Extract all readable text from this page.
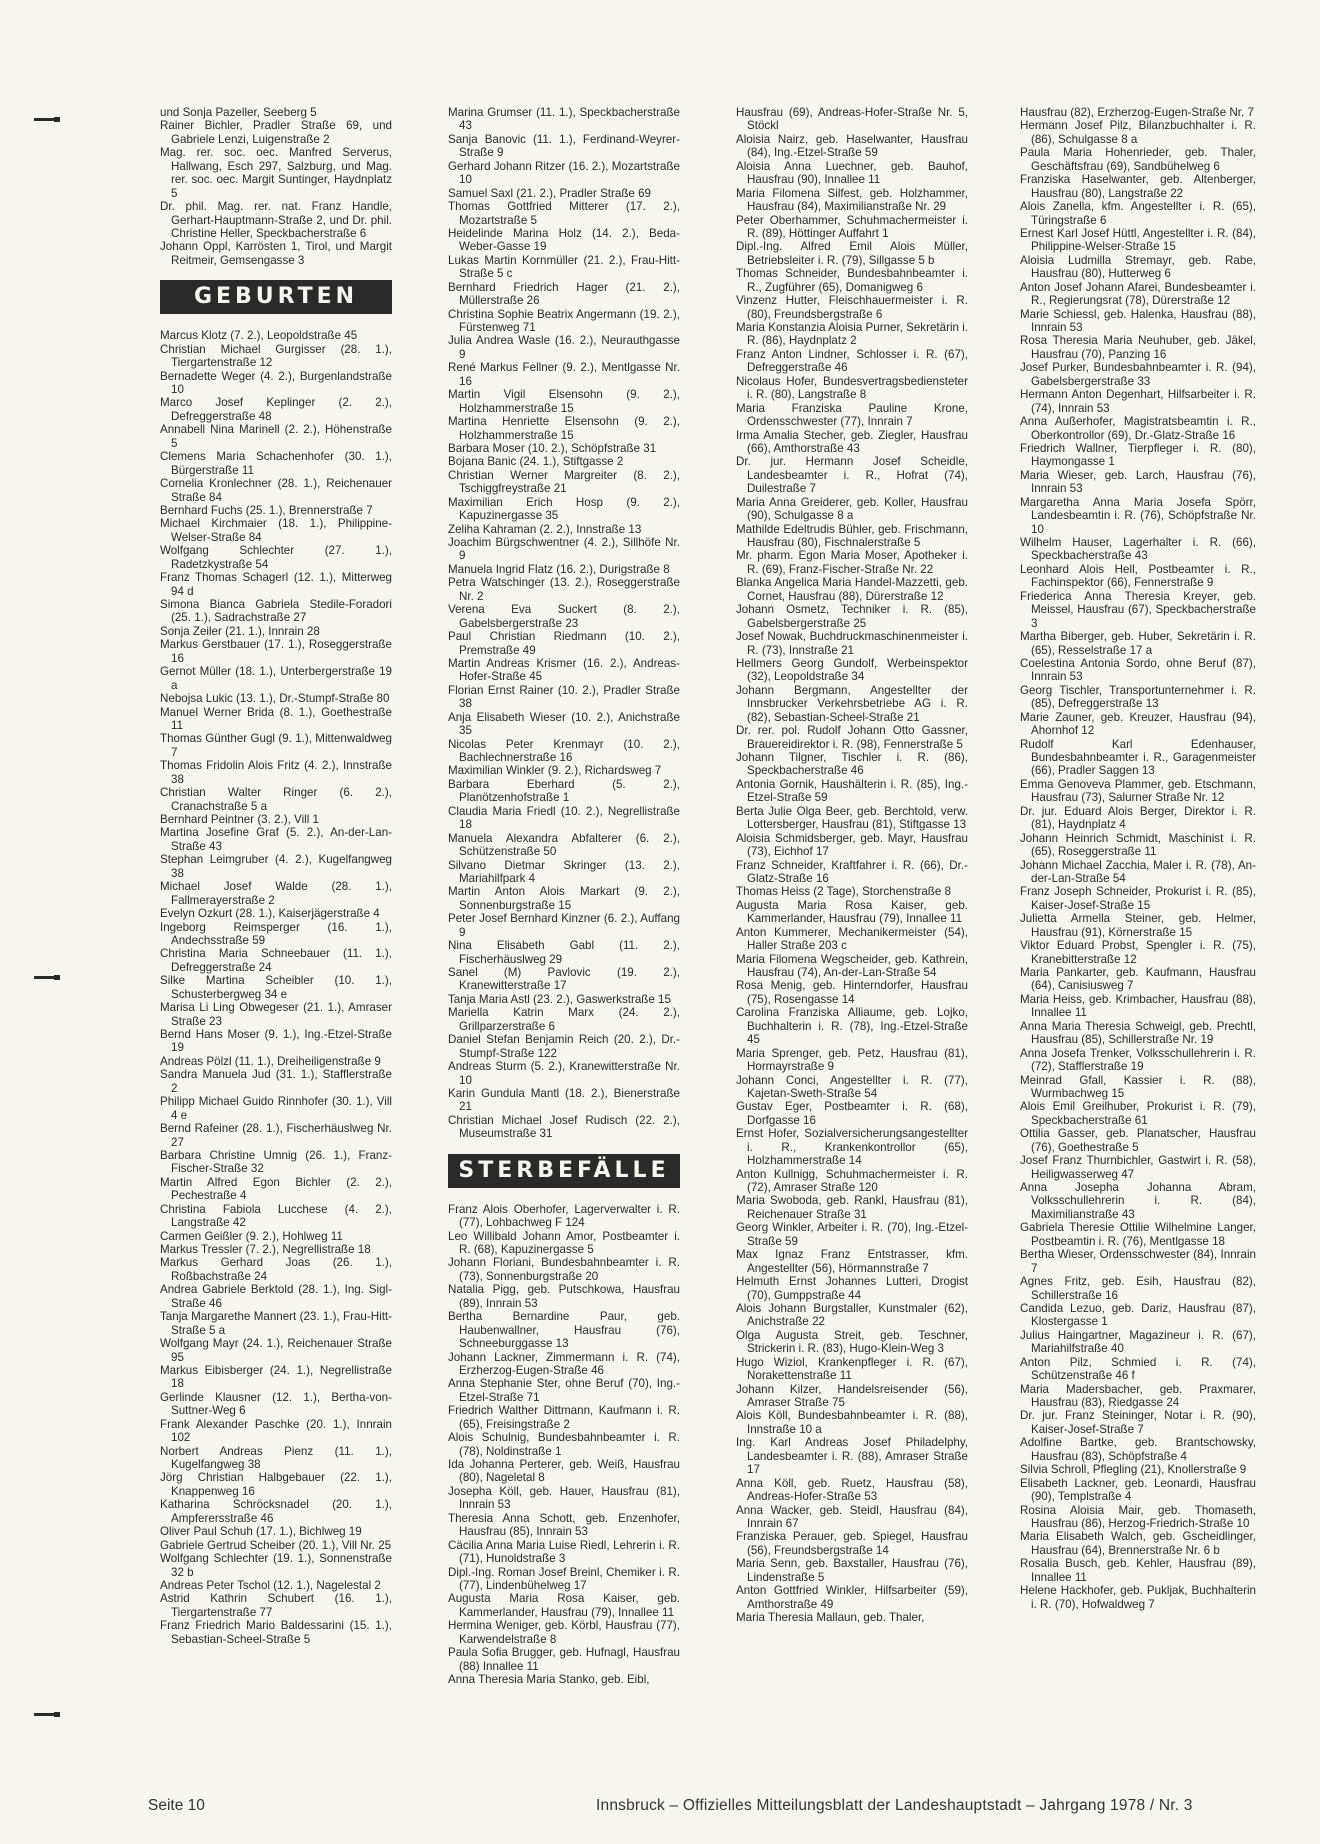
und Sonja Pazeller, Seeberg 5
Rainer Bichler, Pradler Straße 69, und Gabriele Lenzi, Luigenstraße 2
Mag. rer. soc. oec. Manfred Serverus, Hallwang, Esch 297, Salzburg, und Mag. rer. soc. oec. Margit Suntinger, Haydnplatz 5
Dr. phil. Mag. rer. nat. Franz Handle, Gerhart-Hauptmann-Straße 2, und Dr. phil. Christine Heller, Speckbacherstraße 6
Johann Oppl, Karrösten 1, Tirol, und Margit Reitmeir, Gemsengasse 3
GEBURTEN
Marcus Klotz (7. 2.), Leopoldstraße 45
Christian Michael Gurgisser (28. 1.), Tiergartenstraße 12
Bernadette Weger (4. 2.), Burgenlandstraße 10
Marco Josef Keplinger (2. 2.), Defreggerstraße 48
Annabell Nina Marinell (2. 2.), Höhenstraße 5
Clemens Maria Schachenhofer (30. 1.), Bürgerstraße 11
Cornelia Kronlechner (28. 1.), Reichenauer Straße 84
Bernhard Fuchs (25. 1.), Brennerstraße 7
Michael Kirchmaier (18. 1.), Philippine-Welser-Straße 84
Wolfgang Schlechter (27. 1.), Radetzkystraße 54
Franz Thomas Schagerl (12. 1.), Mitterweg 94 d
Simona Bianca Gabriela Stedile-Foradori (25. 1.), Sadrachstraße 27
Sonja Zeiler (21. 1.), Innrain 28
Markus Gerstbauer (17. 1.), Roseggerstraße 16
Gernot Müller (18. 1.), Unterbergerstraße 19 a
Nebojsa Lukic (13. 1.), Dr.-Stumpf-Straße 80
Manuel Werner Brida (8. 1.), Goethestraße 11
Thomas Günther Gugl (9. 1.), Mittenwaldweg 7
Thomas Fridolin Alois Fritz (4. 2.), Innstraße 38
Christian Walter Ringer (6. 2.), Cranachstraße 5 a
Bernhard Peintner (3. 2.), Vill 1
Martina Josefine Graf (5. 2.), An-der-Lan-Straße 43
Stephan Leimgruber (4. 2.), Kugelfangweg 38
Michael Josef Walde (28. 1.), Fallmerayerstraße 2
Evelyn Ozkurt (28. 1.), Kaiserjägerstraße 4
Ingeborg Reimsperger (16. 1.), Andechsstraße 59
Christina Maria Schneebauer (11. 1.), Defreggerstraße 24
Silke Martina Scheibler (10. 1.), Schusterbergweg 34 e
Marisa Li Ling Obwegeser (21. 1.), Amraser Straße 23
Bernd Hans Moser (9. 1.), Ing.-Etzel-Straße 19
Andreas Pölzl (11. 1.), Dreiheiligenstraße 9
Sandra Manuela Jud (31. 1.), Stafflerstraße 2
Philipp Michael Guido Rinnhofer (30. 1.), Vill 4 e
Bernd Rafeiner (28. 1.), Fischerhäuslweg Nr. 27
Barbara Christine Umnig (26. 1.), Franz-Fischer-Straße 32
Martin Alfred Egon Bichler (2. 2.), Pechestraße 4
Christina Fabiola Lucchese (4. 2.), Langstraße 42
Carmen Geißler (9. 2.), Hohlweg 11
Markus Tressler (7. 2.), Negrellistraße 18
Markus Gerhard Joas (26. 1.), Roßbachstraße 24
Andrea Gabriele Berktold (28. 1.), Ing. Sigl-Straße 46
Tanja Margarethe Mannert (23. 1.), Frau-Hitt-Straße 5 a
Wolfgang Mayr (24. 1.), Reichenauer Straße 95
Markus Eibisberger (24. 1.), Negrellistraße 18
Gerlinde Klausner (12. 1.), Bertha-von-Suttner-Weg 6
Frank Alexander Paschke (20. 1.), Innrain 102
Norbert Andreas Pienz (11. 1.), Kugelfangweg 38
Jörg Christian Halbgebauer (22. 1.), Knappenweg 16
Katharina Schröcksnadel (20. 1.), Ampferersstraße 46
Oliver Paul Schuh (17. 1.), Bichlweg 19
Gabriele Gertrud Scheiber (20. 1.), Vill Nr. 25
Wolfgang Schlechter (19. 1.), Sonnenstraße 32 b
Andreas Peter Tschol (12. 1.), Nagelestal 2
Astrid Kathrin Schubert (16. 1.), Tiergartenstraße 77
Franz Friedrich Mario Baldessarini (15. 1.), Sebastian-Scheel-Straße 5
Marina Grumser (11. 1.), Speckbacherstraße 43
Sanja Banovic (11. 1.), Ferdinand-Weyrer-Straße 9
Gerhard Johann Ritzer (16. 2.), Mozartstraße 10
Samuel Saxl (21. 2.), Pradler Straße 69
Thomas Gottfried Mitterer (17. 2.), Mozartstraße 5
Heidelinde Marina Holz (14. 2.), Beda-Weber-Gasse 19
Lukas Martin Kornmüller (21. 2.), Frau-Hitt-Straße 5 c
Bernhard Friedrich Hager (21. 2.), Müllerstraße 26
Christina Sophie Beatrix Angermann (19. 2.), Fürstenweg 71
Julia Andrea Wasle (16. 2.), Neurauthgasse 9
René Markus Fellner (9. 2.), Mentlgasse Nr. 16
Martin Vigil Elsensohn (9. 2.), Holzhammerstraße 15
Martina Henriette Elsensohn (9. 2.), Holzhammerstraße 15
Barbara Moser (10. 2.), Schöpfstraße 31
Bojana Banic (24. 1.), Stiftgasse 2
Christian Werner Margreiter (8. 2.), Tschiggfreystraße 21
Maximilian Erich Hosp (9. 2.), Kapuzinergasse 35
Zeliha Kahraman (2. 2.), Innstraße 13
Joachim Bürgschwentner (4. 2.), Sillhöfe Nr. 9
Manuela Ingrid Flatz (16. 2.), Durigstraße 8
Petra Watschinger (13. 2.), Roseggerstraße Nr. 2
Verena Eva Suckert (8. 2.), Gabelsbergerstraße 23
Paul Christian Riedmann (10. 2.), Premstraße 49
Martin Andreas Krismer (16. 2.), Andreas-Hofer-Straße 45
Florian Ernst Rainer (10. 2.), Pradler Straße 38
Anja Elisabeth Wieser (10. 2.), Anichstraße 35
Nicolas Peter Krenmayr (10. 2.), Bachlechnerstraße 16
Maximilian Winkler (9. 2.), Richardsweg 7
Barbara Eberhard (5. 2.), Planötzenhofstraße 1
Claudia Maria Friedl (10. 2.), Negrellistraße 18
Manuela Alexandra Abfalterer (6. 2.), Schützenstraße 50
Silvano Dietmar Skringer (13. 2.), Mariahilfpark 4
Martin Anton Alois Markart (9. 2.), Sonnenburgstraße 15
Peter Josef Bernhard Kinzner (6. 2.), Auffang 9
Nina Elisabeth Gabl (11. 2.), Fischerhäuslweg 29
Sanel (M) Pavlovic (19. 2.), Kranewitterstraße 17
Tanja Maria Astl (23. 2.), Gaswerkstraße 15
Mariella Katrin Marx (24. 2.), Grillparzerstraße 6
Daniel Stefan Benjamin Reich (20. 2.), Dr.-Stumpf-Straße 122
Andreas Sturm (5. 2.), Kranewitterstraße Nr. 10
Karin Gundula Mantl (18. 2.), Bienerstraße 21
Christian Michael Josef Rudisch (22. 2.), Museumstraße 31
STERBEFÄLLE
Franz Alois Oberhofer, Lagerverwalter i. R. (77), Lohbachweg F 124
Leo Willibald Johann Amor, Postbeamter i. R. (68), Kapuzinergasse 5
Johann Floriani, Bundesbahnbeamter i. R. (73), Sonnenburgstraße 20
Natalia Pigg, geb. Putschkowa, Hausfrau (89), Innrain 53
Bertha Bernardine Paur, geb. Haubenwallner, Hausfrau (76), Schneeburggasse 13
Johann Lackner, Zimmermann i. R. (74), Erzherzog-Eugen-Straße 46
Anna Stephanie Ster, ohne Beruf (70), Ing.-Etzel-Straße 71
Friedrich Walther Dittmann, Kaufmann i. R. (65), Freisingstraße 2
Alois Schulnig, Bundesbahnbeamter i. R. (78), Noldinstraße 1
Ida Johanna Perterer, geb. Weiß, Hausfrau (80), Nageletal 8
Josepha Köll, geb. Hauer, Hausfrau (81), Innrain 53
Theresia Anna Schott, geb. Enzenhofer, Hausfrau (85), Innrain 53
Cäcilia Anna Maria Luise Riedl, Lehrerin i. R. (71), Hunoldstraße 3
Dipl.-Ing. Roman Josef Breinl, Chemiker i. R. (77), Lindenbühelweg 17
Augusta Maria Rosa Kaiser, geb. Kammerlander, Hausfrau (79), Innallee 11
Hermina Weniger, geb. Körbl, Hausfrau (77), Karwendelstraße 8
Paula Sofia Brugger, geb. Hufnagl, Hausfrau (88) Innallee 11
Anna Theresia Maria Stanko, geb. Eibl,
Hausfrau (69), Andreas-Hofer-Straße Nr. 5, Stöckl
Aloisia Nairz, geb. Haselwanter, Hausfrau (84), Ing.-Etzel-Straße 59
Aloisia Anna Luechner, geb. Bauhof, Hausfrau (90), Innallee 11
Maria Filomena Silfest, geb. Holzhammer, Hausfrau (84), Maximilianstraße Nr. 29
Peter Oberhammer, Schuhmachermeister i. R. (89), Höttinger Auffahrt 1
Dipl.-Ing. Alfred Emil Alois Müller, Betriebsleiter i. R. (79), Sillgasse 5 b
Thomas Schneider, Bundesbahnbeamter i. R., Zugführer (65), Domanigweg 6
Vinzenz Hutter, Fleischhauermeister i. R. (80), Freundsbergstraße 6
Maria Konstanzia Aloisia Purner, Sekretärin i. R. (86), Haydnplatz 2
Franz Anton Lindner, Schlosser i. R. (67), Defreggerstraße 46
Nicolaus Hofer, Bundesvertragsbediensteter i. R. (80), Langstraße 8
Maria Franziska Pauline Krone, Ordensschwester (77), Innrain 7
Irma Amalia Stecher, geb. Ziegler, Hausfrau (66), Amthorstraße 43
Dr. jur. Hermann Josef Scheidle, Landesbeamter i. R., Hofrat (74), Duilestraße 7
Maria Anna Greiderer, geb. Koller, Hausfrau (90), Schulgasse 8 a
Mathilde Edeltrudis Bühler, geb. Frischmann, Hausfrau (80), Fischnalerstraße 5
Mr. pharm. Egon Maria Moser, Apotheker i. R. (69), Franz-Fischer-Straße Nr. 22
Blanka Angelica Maria Handel-Mazzetti, geb. Cornet, Hausfrau (88), Dürerstraße 12
Johann Osmetz, Techniker i. R. (85), Gabelsbergerstraße 25
Josef Nowak, Buchdruckmaschinenmeister i. R. (73), Innstraße 21
Hellmers Georg Gundolf, Werbeinspektor (32), Leopoldstraße 34
Johann Bergmann, Angestellter der Innsbrucker Verkehrsbetriebe AG i. R. (82), Sebastian-Scheel-Straße 21
Dr. rer. pol. Rudolf Johann Otto Gassner, Brauereidirektor i. R. (98), Fennerstraße 5
Johann Tilgner, Tischler i. R. (86), Speckbacherstraße 46
Antonia Gornik, Haushälterin i. R. (85), Ing.-Etzel-Straße 59
Berta Julie Olga Beer, geb. Berchtold, verw. Lottersberger, Hausfrau (81), Stiftgasse 13
Aloisia Schmidsberger, geb. Mayr, Hausfrau (73), Eichhof 17
Franz Schneider, Kraftfahrer i. R. (66), Dr.-Glatz-Straße 16
Thomas Heiss (2 Tage), Storchenstraße 8
Augusta Maria Rosa Kaiser, geb. Kammerlander, Hausfrau (79), Innallee 11
Anton Kummerer, Mechanikermeister (54), Haller Straße 203 c
Maria Filomena Wegscheider, geb. Kathrein, Hausfrau (74), An-der-Lan-Straße 54
Rosa Menig, geb. Hinterndorfer, Hausfrau (75), Rosengasse 14
Carolina Franziska Alliaume, geb. Lojko, Buchhalterin i. R. (78), Ing.-Etzel-Straße 45
Maria Sprenger, geb. Petz, Hausfrau (81), Hormayrstraße 9
Johann Conci, Angestellter i. R. (77), Kajetan-Sweth-Straße 54
Gustav Eger, Postbeamter i. R. (68), Dorfgasse 16
Ernst Hofer, Sozialversicherungsangestellter i. R., Krankenkontrollor (65), Holzhammerstraße 14
Anton Kullnigg, Schuhmachermeister i. R. (72), Amraser Straße 120
Maria Swoboda, geb. Rankl, Hausfrau (81), Reichenauer Straße 31
Georg Winkler, Arbeiter i. R. (70), Ing.-Etzel-Straße 59
Max Ignaz Franz Entstrasser, kfm. Angestellter (56), Hörmannstraße 7
Helmuth Ernst Johannes Lutteri, Drogist (70), Gumppstraße 44
Alois Johann Burgstaller, Kunstmaler (62), Anichstraße 22
Olga Augusta Streit, geb. Teschner, Strickerin i. R. (83), Hugo-Klein-Weg 3
Hugo Wiziol, Krankenpfleger i. R. (67), Norakettenstraße 11
Johann Kilzer, Handelsreisender (56), Amraser Straße 75
Alois Köll, Bundesbahnbeamter i. R. (88), Innstraße 10 a
Ing. Karl Andreas Josef Philadelphy, Landesbeamter i. R. (88), Amraser Straße 17
Anna Köll, geb. Ruetz, Hausfrau (58), Andreas-Hofer-Straße 53
Anna Wacker, geb. Steidl, Hausfrau (84), Innrain 67
Franziska Perauer, geb. Spiegel, Hausfrau (56), Freundsbergstraße 14
Maria Senn, geb. Baxstaller, Hausfrau (76), Lindenstraße 5
Anton Gottfried Winkler, Hilfsarbeiter (59), Amthorstraße 49
Maria Theresia Mallaun, geb. Thaler,
Hausfrau (82), Erzherzog-Eugen-Straße Nr. 7
Hermann Josef Pilz, Bilanzbuchhalter i. R. (86), Schulgasse 8 a
Paula Maria Hohenrieder, geb. Thaler, Geschäftsfrau (69), Sandbühelweg 6
Franziska Haselwanter, geb. Altenberger, Hausfrau (80), Langstraße 22
Alois Zanella, kfm. Angestellter i. R. (65), Türingstraße 6
Ernest Karl Josef Hüttl, Angestellter i. R. (84), Philippine-Welser-Straße 15
Aloisia Ludmilla Stremayr, geb. Rabe, Hausfrau (80), Hutterweg 6
Anton Josef Johann Afarei, Bundesbeamter i. R., Regierungsrat (78), Dürerstraße 12
Marie Schiessl, geb. Halenka, Hausfrau (88), Innrain 53
Rosa Theresia Maria Neuhuber, geb. Jäkel, Hausfrau (70), Panzing 16
Josef Purker, Bundesbahnbeamter i. R. (94), Gabelsbergerstraße 33
Hermann Anton Degenhart, Hilfsarbeiter i. R. (74), Innrain 53
Anna Außerhofer, Magistratsbeamtin i. R., Oberkontrollor (69), Dr.-Glatz-Straße 16
Friedrich Wallner, Tierpfleger i. R. (80), Haymongasse 1
Maria Wieser, geb. Larch, Hausfrau (76), Innrain 53
Margaretha Anna Maria Josefa Spörr, Landesbeamtin i. R. (76), Schöpfstraße Nr. 10
Wilhelm Hauser, Lagerhalter i. R. (66), Speckbacherstraße 43
Leonhard Alois Hell, Postbeamter i. R., Fachinspektor (66), Fennerstraße 9
Friederica Anna Theresia Kreyer, geb. Meissel, Hausfrau (67), Speckbacherstraße 3
Martha Biberger, geb. Huber, Sekretärin i. R. (65), Resselstraße 17 a
Coelestina Antonia Sordo, ohne Beruf (87), Innrain 53
Georg Tischler, Transportunternehmer i. R. (85), Defreggerstraße 13
Marie Zauner, geb. Kreuzer, Hausfrau (94), Ahornhof 12
Rudolf Karl Edenhauser, Bundesbahnbeamter i. R., Garagenmeister (66), Pradler Saggen 13
Emma Genoveva Plammer, geb. Etschmann, Hausfrau (73), Salurner Straße Nr. 12
Dr. jur. Eduard Alois Berger, Direktor i. R. (81), Haydnplatz 4
Johann Heinrich Schmidt, Maschinist i. R. (65), Roseggerstraße 11
Johann Michael Zacchia, Maler i. R. (78), An-der-Lan-Straße 54
Franz Joseph Schneider, Prokurist i. R. (85), Kaiser-Josef-Straße 15
Julietta Armella Steiner, geb. Helmer, Hausfrau (91), Körnerstraße 15
Viktor Eduard Probst, Spengler i. R. (75), Kranebitterstraße 12
Maria Pankarter, geb. Kaufmann, Hausfrau (64), Canisiusweg 7
Maria Heiss, geb. Krimbacher, Hausfrau (88), Innallee 11
Anna Maria Theresia Schweigl, geb. Prechtl, Hausfrau (85), Schillerstraße Nr. 19
Anna Josefa Trenker, Volksschullehrerin i. R. (72), Stafflerstraße 19
Meinrad Gfall, Kassier i. R. (88), Wurmbachweg 15
Alois Emil Greilhuber, Prokurist i. R. (79), Speckbacherstraße 61
Ottilia Gasser, geb. Planatscher, Hausfrau (76), Goethestraße 5
Josef Franz Thurnbichler, Gastwirt i. R. (58), Heiligwasserweg 47
Anna Josepha Johanna Abram, Volksschullehrerin i. R. (84), Maximilianstraße 43
Gabriela Theresie Ottilie Wilhelmine Langer, Postbeamtin i. R. (76), Mentlgasse 18
Bertha Wieser, Ordensschwester (84), Innrain 7
Agnes Fritz, geb. Esih, Hausfrau (82), Schillerstraße 16
Candida Lezuo, geb. Dariz, Hausfrau (87), Klostergasse 1
Julius Haingartner, Magazineur i. R. (67), Mariahilfstraße 40
Anton Pilz, Schmied i. R. (74), Schützenstraße 46 f
Maria Madersbacher, geb. Praxmarer, Hausfrau (83), Riedgasse 24
Dr. jur. Franz Steininger, Notar i. R. (90), Kaiser-Josef-Straße 7
Adolfine Bartke, geb. Brantschowsky, Hausfrau (83), Schöpfstraße 4
Silvia Schroll, Pflegling (21), Knollerstraße 9
Elisabeth Lackner, geb. Leonardi, Hausfrau (90), Templstraße 4
Rosina Aloisia Mair, geb. Thomaseth, Hausfrau (86), Herzog-Friedrich-Straße 10
Maria Elisabeth Walch, geb. Gscheidlinger, Hausfrau (64), Brennerstraße Nr. 6 b
Rosalia Busch, geb. Kehler, Hausfrau (89), Innallee 11
Helene Hackhofer, geb. Pukljak, Buchhalterin i. R. (70), Hofwaldweg 7
Seite 10	Innsbruck – Offizielles Mitteilungsblatt der Landeshauptstadt – Jahrgang 1978 / Nr. 3
